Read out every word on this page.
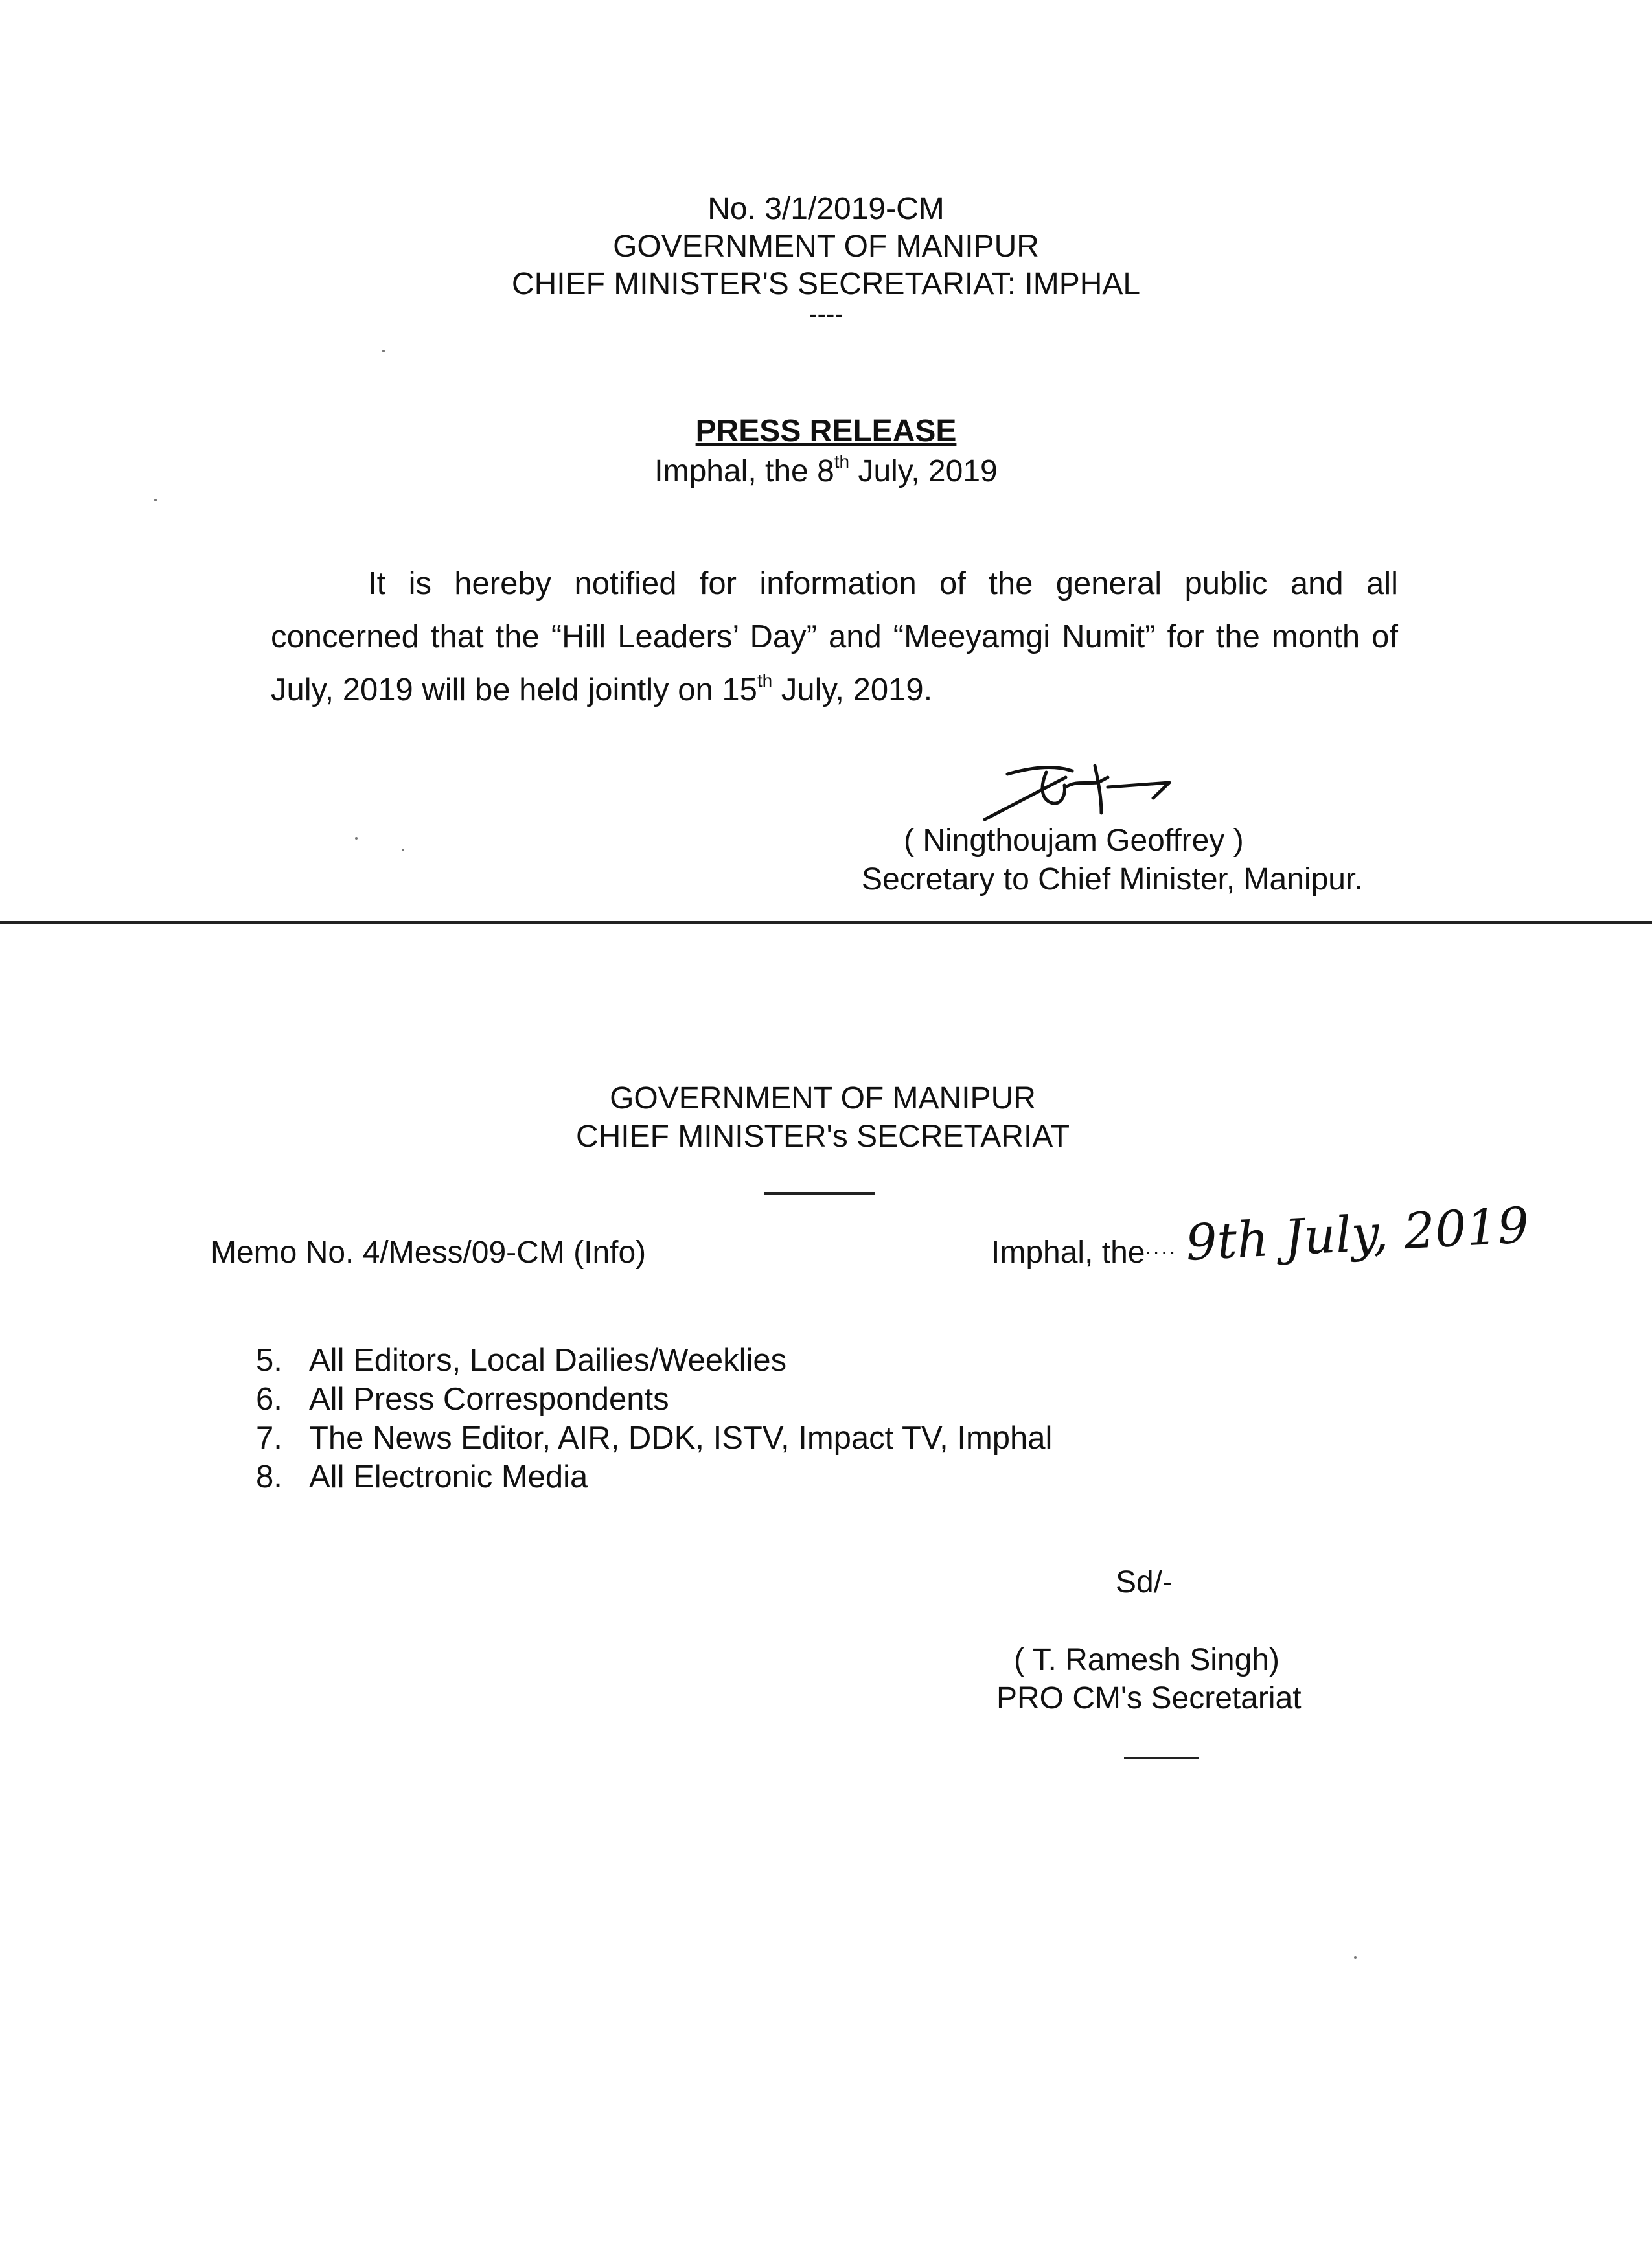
No. 3/1/2019-CM
GOVERNMENT OF MANIPUR
CHIEF MINISTER'S SECRETARIAT: IMPHAL
----
PRESS RELEASE
Imphal, the 8th July, 2019

It is hereby notified for information of the general public and all concerned that the “Hill Leaders’ Day” and “Meeyamgi Numit” for the month of July, 2019 will be held jointly on 15th July, 2019.

( Ningthoujam Geoffrey )
Secretary to Chief Minister, Manipur.
GOVERNMENT OF MANIPUR
CHIEF MINISTER's SECRETARIAT
Memo No. 4/Mess/09-CM (Info)	Imphal, the .... 9th July, 2019
5. All Editors, Local Dailies/Weeklies
6. All Press Correspondents
7. The News Editor, AIR, DDK, ISTV, Impact TV, Imphal
8. All Electronic Media
Sd/-
( T. Ramesh Singh)
PRO CM's Secretariat
